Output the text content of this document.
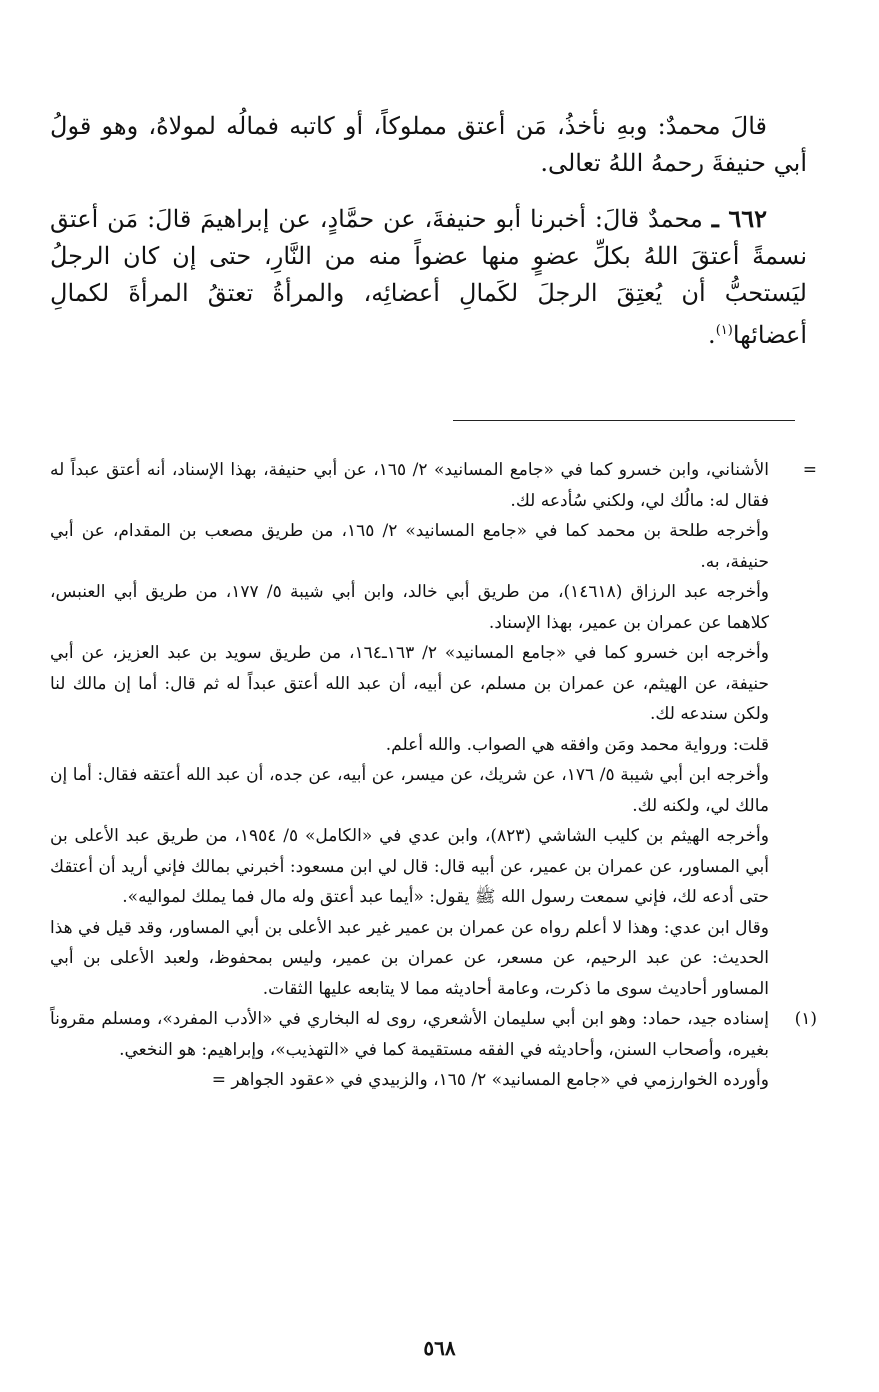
قالَ محمدٌ: وبهِ نأخذُ، مَن أعتق مملوكاً، أو كاتبه فمالُه لمولاهُ، وهو قولُ أبي حنيفةَ رحمهُ اللهُ تعالى.

٦٦٢ ـ محمدٌ قالَ: أخبرنا أبو حنيفةَ، عن حمَّادٍ، عن إبراهيمَ قالَ: مَن أعتق نسمةً أعتقَ اللهُ بكلِّ عضوٍ منها عضواً منه من النَّارِ، حتى إن كان الرجلُ ليَستحبُّ أن يُعتِقَ الرجلَ لكَمالِ أعضائِه، والمرأةُ تعتقُ المرأةَ لكمالِ أعضائها$^{(١)}$.

=
الأشناني، وابن خسرو كما في «جامع المسانيد» ٢/ ١٦٥، عن أبي حنيفة، بهذا الإسناد، أنه أعتق عبداً له فقال له: مالُك لي، ولكني سُأدعه لك.

وأخرجه طلحة بن محمد كما في «جامع المسانيد» ٢/ ١٦٥، من طريق مصعب بن المقدام، عن أبي حنيفة، به.

وأخرجه عبد الرزاق (١٤٦١٨)، من طريق أبي خالد، وابن أبي شيبة ٥/ ١٧٧، من طريق أبي العنبس، كلاهما عن عمران بن عمير، بهذا الإسناد.

وأخرجه ابن خسرو كما في «جامع المسانيد» ٢/ ١٦٣ـ١٦٤، من طريق سويد بن عبد العزيز، عن أبي حنيفة، عن الهيثم، عن عمران بن مسلم، عن أبيه، أن عبد الله أعتق عبداً له ثم قال: أما إن مالك لنا ولكن سندعه لك.

قلت: ورواية محمد ومَن وافقه هي الصواب. والله أعلم.

وأخرجه ابن أبي شيبة ٥/ ١٧٦، عن شريك، عن ميسر، عن أبيه، عن جده، أن عبد الله أعتقه فقال: أما إن مالك لي، ولكنه لك.

وأخرجه الهيثم بن كليب الشاشي (٨٢٣)، وابن عدي في «الكامل» ٥/ ١٩٥٤، من طريق عبد الأعلى بن أبي المساور، عن عمران بن عمير، عن أبيه قال: قال لي ابن مسعود: أخبرني بمالك فإني أريد أن أعتقك حتى أدعه لك، فإني سمعت رسول الله ﷺ يقول: «أيما عبد أعتق وله مال فما يملك لمواليه».

وقال ابن عدي: وهذا لا أعلم رواه عن عمران بن عمير غير عبد الأعلى بن أبي المساور، وقد قيل في هذا الحديث: عن عبد الرحيم، عن مسعر، عن عمران بن عمير، وليس بمحفوظ، ولعبد الأعلى بن أبي المساور أحاديث سوى ما ذكرت، وعامة أحاديثه مما لا يتابعه عليها الثقات.

(١)
إسناده جيد، حماد: وهو ابن أبي سليمان الأشعري، روى له البخاري في «الأدب المفرد»، ومسلم مقروناً بغيره، وأصحاب السنن، وأحاديثه في الفقه مستقيمة كما في «التهذيب»، وإبراهيم: هو النخعي.

وأورده الخوارزمي في «جامع المسانيد» ٢/ ١٦٥، والزبيدي في «عقود الجواهر =

٥٦٨
